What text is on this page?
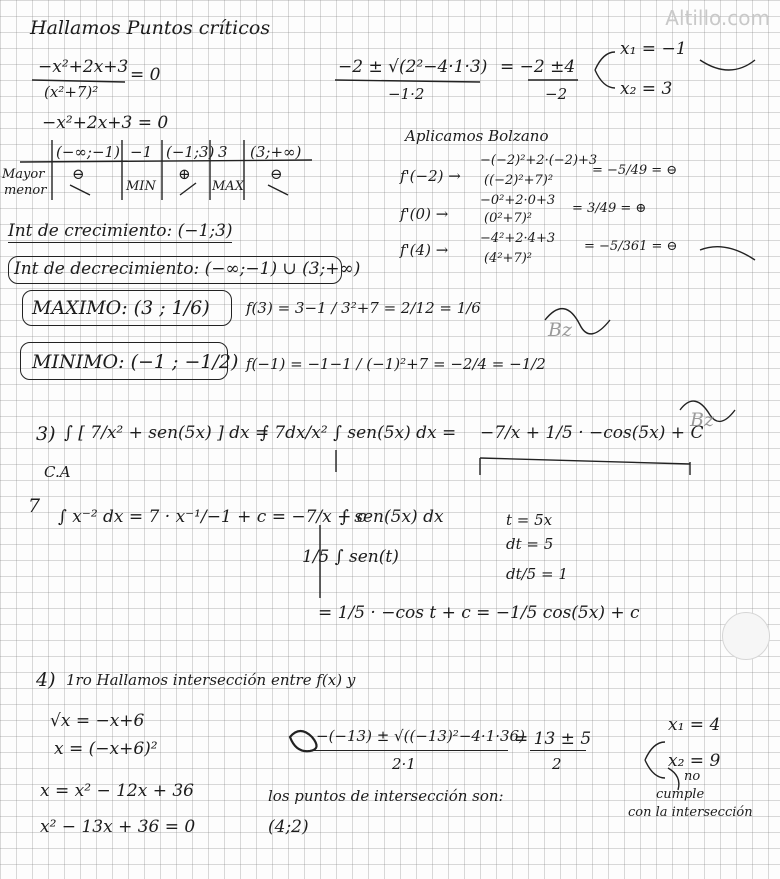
Altillo.com
Hallamos Puntos críticos
−x²+2x+3 = 0
(x²+7)²
−x²+2x+3 = 0
−2 ± √(2²−4·1·3)
−1·2
= −2 ±4
−2
x₁ = −1
x₂ = 3
(−∞;−1) −1 (−1;3) 3 (3;+∞)
Mayor
menor
⊖
MIN
⊕
MAX
⊖
Aplicamos Bolzano
f'(−2) →
−(−2)²+2·(−2)+3
((−2)²+7)²
= −5/49 = ⊖
f'(0) →
−0²+2·0+3
(0²+7)²
= 3/49 = ⊕
f'(4) →
−4²+2·4+3
(4²+7)²
= −5/361 = ⊖
Int de crecimiento: (−1;3)
Int de decrecimiento: (−∞;−1) ∪ (3;+∞)
MAXIMO: (3 ; 1/6) f(3) = 3−1 / 3²+7 = 2/12 = 1/6
MINIMO: (−1 ; −1/2) f(−1) = −1−1 / (−1)²+7 = −2/4 = −1/2
3) ∫ [ 7/x² + sen(5x) ] dx =
∫ 7dx/x² ∫ sen(5x) dx = −7/x + 1/5 · −cos(5x) + C
C.A
7 ∫ x⁻² dx = 7 · x⁻¹/−1 + c = −7/x + c
∫ sen(5x) dx	t = 5x
dt = 5
dt/5 = 1
1/5 ∫ sen(t)
= 1/5 · −cos t + c = −1/5 cos(5x) + c
4) 1ro Hallamos intersección entre f(x) y
√x = −x+6
x = (−x+6)²
x = x² − 12x + 36
x² − 13x + 36 = 0
−(−13) ± √((−13)²−4·1·36)
2·1
= 13 ± 5
2
x₁ = 4
x₂ = 9
no
cumple
con la intersección
los puntos de intersección son:
(4;2)
Bz
Bz
